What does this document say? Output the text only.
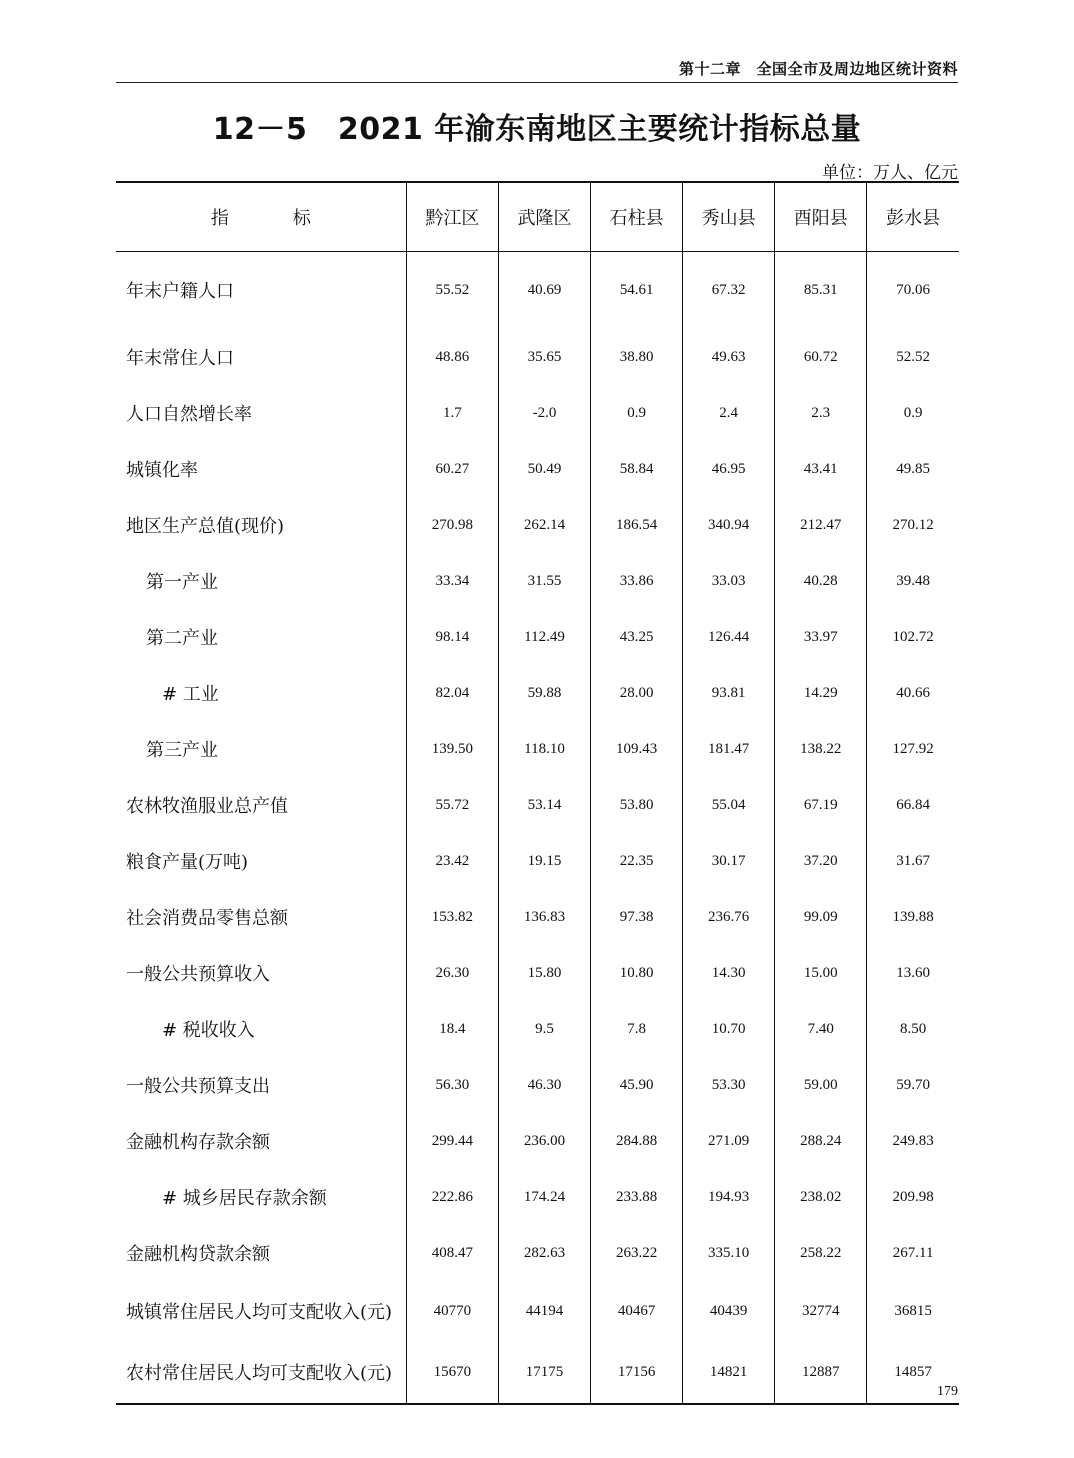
第十二章　全国全市及周边地区统计资料
12－5　2021 年渝东南地区主要统计指标总量
单位：万人、亿元
指 标	黔江区	武隆区	石柱县	秀山县	酉阳县	彭水县
年末户籍人口	55.52	40.69	54.61	67.32	85.31	70.06
年末常住人口	48.86	35.65	38.80	49.63	60.72	52.52
人口自然增长率	1.7	-2.0	0.9	2.4	2.3	0.9
城镇化率	60.27	50.49	58.84	46.95	43.41	49.85
地区生产总值(现价)	270.98	262.14	186.54	340.94	212.47	270.12
第一产业	33.34	31.55	33.86	33.03	40.28	39.48
第二产业	98.14	112.49	43.25	126.44	33.97	102.72
# 工业	82.04	59.88	28.00	93.81	14.29	40.66
第三产业	139.50	118.10	109.43	181.47	138.22	127.92
农林牧渔服业总产值	55.72	53.14	53.80	55.04	67.19	66.84
粮食产量(万吨)	23.42	19.15	22.35	30.17	37.20	31.67
社会消费品零售总额	153.82	136.83	97.38	236.76	99.09	139.88
一般公共预算收入	26.30	15.80	10.80	14.30	15.00	13.60
# 税收收入	18.4	9.5	7.8	10.70	7.40	8.50
一般公共预算支出	56.30	46.30	45.90	53.30	59.00	59.70
金融机构存款余额	299.44	236.00	284.88	271.09	288.24	249.83
# 城乡居民存款余额	222.86	174.24	233.88	194.93	238.02	209.98
金融机构贷款余额	408.47	282.63	263.22	335.10	258.22	267.11
城镇常住居民人均可支配收入(元)	40770	44194	40467	40439	32774	36815
农村常住居民人均可支配收入(元)	15670	17175	17156	14821	12887	14857
179
